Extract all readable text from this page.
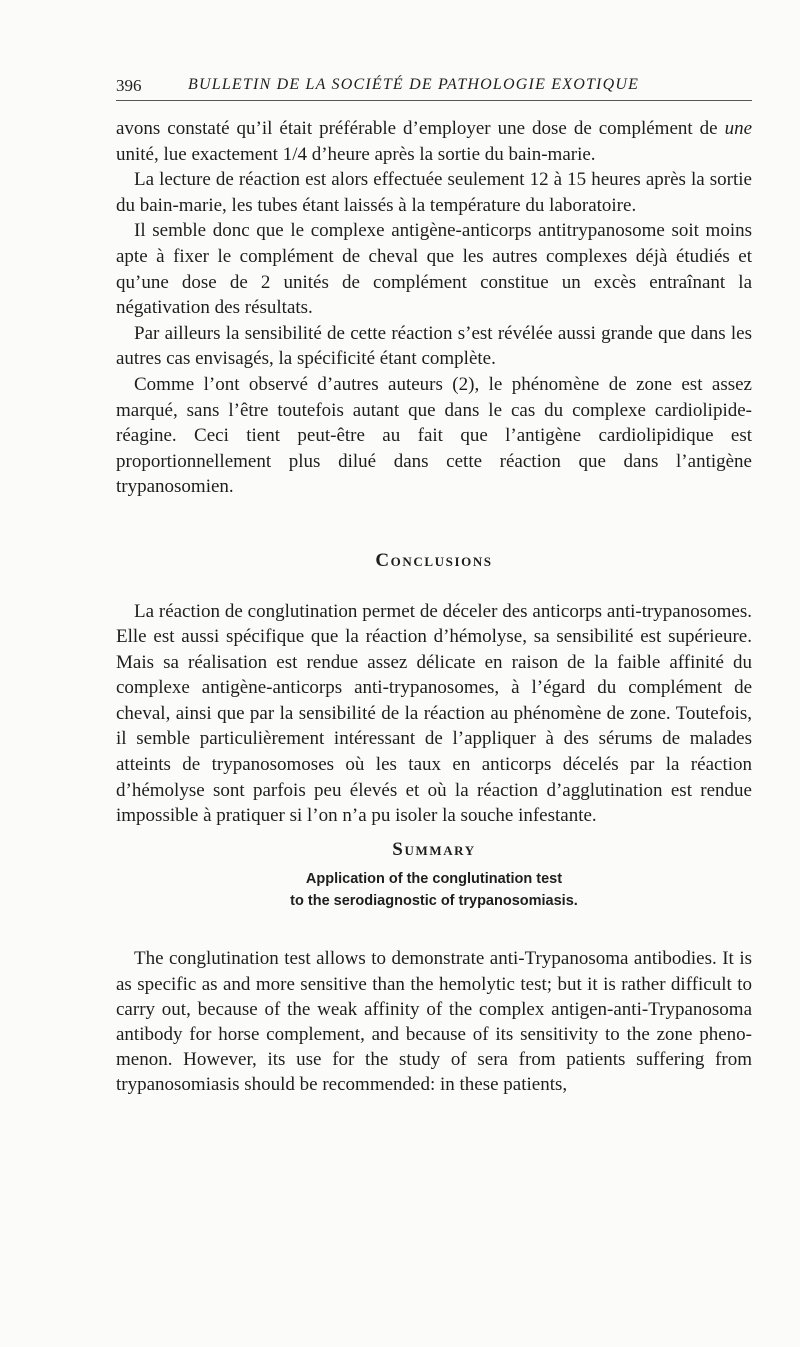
396	BULLETIN DE LA SOCIÉTÉ DE PATHOLOGIE EXOTIQUE

avons constaté qu’il était préférable d’employer une dose de complément de une unité, lue exactement 1/4 d’heure après la sortie du bain-marie.

La lecture de réaction est alors effectuée seulement 12 à 15 heures après la sortie du bain-marie, les tubes étant laissés à la température du laboratoire.

Il semble donc que le complexe antigène-anticorps antitrypanosome soit moins apte à fixer le complément de cheval que les autres complexes déjà étudiés et qu’une dose de 2 unités de complément constitue un excès entraînant la négativation des résultats.

Par ailleurs la sensibilité de cette réaction s’est révélée aussi grande que dans les autres cas envisagés, la spécificité étant complète.

Comme l’ont observé d’autres auteurs (2), le phénomène de zone est assez marqué, sans l’être toutefois autant que dans le cas du complexe cardiolipide-réagine. Ceci tient peut-être au fait que l’antigène cardiolipidique est proportionnellement plus dilué dans cette réaction que dans l’antigène trypanosomien.

Conclusions

La réaction de conglutination permet de déceler des anticorps anti-trypanosomes. Elle est aussi spécifique que la réaction d’hémolyse, sa sensibilité est supérieure. Mais sa réalisation est rendue assez délicate en raison de la faible affinité du complexe antigène-anticorps anti-trypanosomes, à l’égard du complément de cheval, ainsi que par la sensibilité de la réaction au phénomène de zone. Toutefois, il semble particulièrement intéressant de l’appliquer à des sérums de malades atteints de trypanosomoses où les taux en anticorps décelés par la réaction d’hémolyse sont parfois peu élevés et où la réaction d’agglutination est rendue impossible à pratiquer si l’on n’a pu isoler la souche infestante.

Summary
Application of the conglutination test
to the serodiagnostic of trypanosomiasis.

The conglutination test allows to demonstrate anti-Trypanosoma antibodies. It is as specific as and more sensitive than the hemolytic test; but it is rather difficult to carry out, because of the weak affinity of the complex antigen-anti-Trypanosoma antibody for horse complement, and because of its sensitivity to the zone phenomenon. However, its use for the study of sera from patients suffering from trypanosomiasis should be recommended: in these patients,
